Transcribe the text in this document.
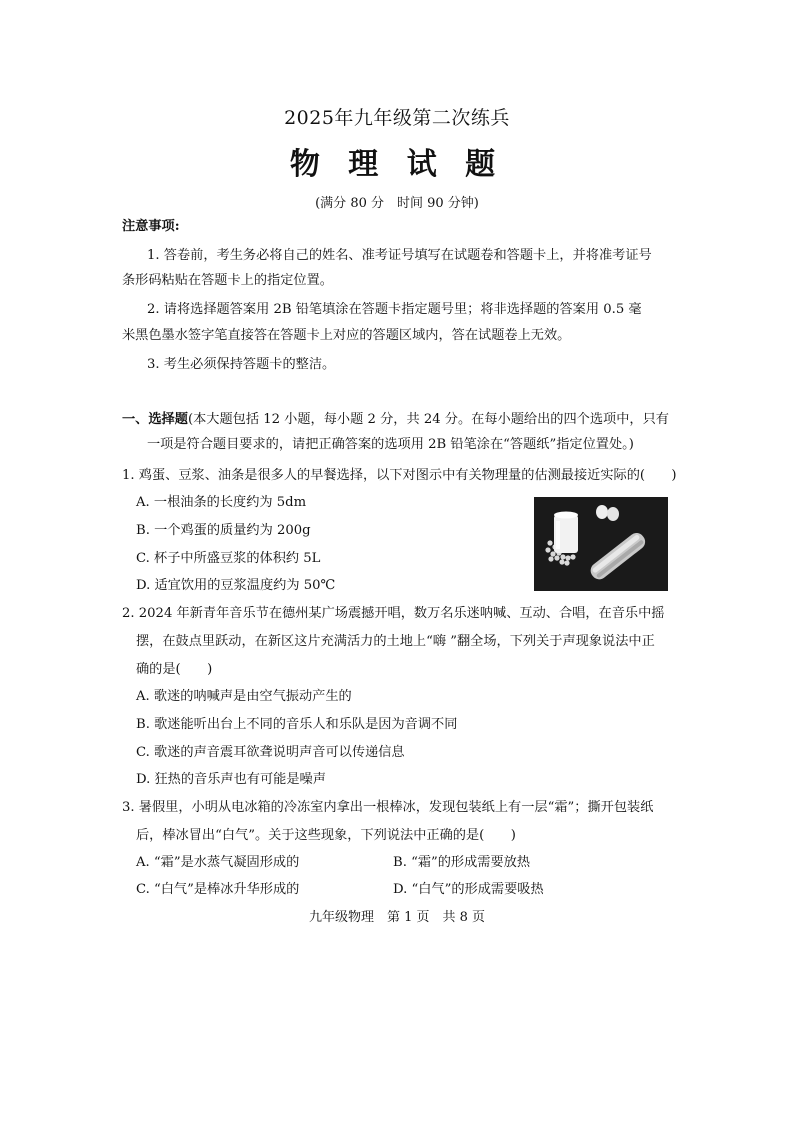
2025年九年级第二次练兵
物 理 试 题
(满分 80 分　时间 90 分钟)
注意事项:
1. 答卷前，考生务必将自己的姓名、准考证号填写在试题卷和答题卡上，并将准考证号
条形码粘贴在答题卡上的指定位置。
2. 请将选择题答案用 2B 铅笔填涂在答题卡指定题号里；将非选择题的答案用 0.5 毫
米黑色墨水签字笔直接答在答题卡上对应的答题区域内，答在试题卷上无效。
3. 考生必须保持答题卡的整洁。
一、选择题(本大题包括 12 小题，每小题 2 分，共 24 分。在每小题给出的四个选项中，只有
一项是符合题目要求的，请把正确答案的选项用 2B 铅笔涂在“答题纸”指定位置处。)
1. 鸡蛋、豆浆、油条是很多人的早餐选择，以下对图示中有关物理量的估测最接近实际的(　　)
A. 一根油条的长度约为 5dm
B. 一个鸡蛋的质量约为 200g
C. 杯子中所盛豆浆的体积约 5L
D. 适宜饮用的豆浆温度约为 50℃
2. 2024 年新青年音乐节在德州某广场震撼开唱，数万名乐迷呐喊、互动、合唱，在音乐中摇
摆，在鼓点里跃动，在新区这片充满活力的土地上“嗨 ”翻全场，下列关于声现象说法中正
确的是(　　)
A. 歌迷的呐喊声是由空气振动产生的
B. 歌迷能听出台上不同的音乐人和乐队是因为音调不同
C. 歌迷的声音震耳欲聋说明声音可以传递信息
D. 狂热的音乐声也有可能是噪声
3. 暑假里，小明从电冰箱的冷冻室内拿出一根棒冰，发现包装纸上有一层“霜”；撕开包装纸
后，棒冰冒出“白气”。关于这些现象，下列说法中正确的是(　　)
A. “霜”是水蒸气凝固形成的	B. “霜”的形成需要放热
C. “白气”是棒冰升华形成的	D. “白气”的形成需要吸热
九年级物理　第 1 页　共 8 页
